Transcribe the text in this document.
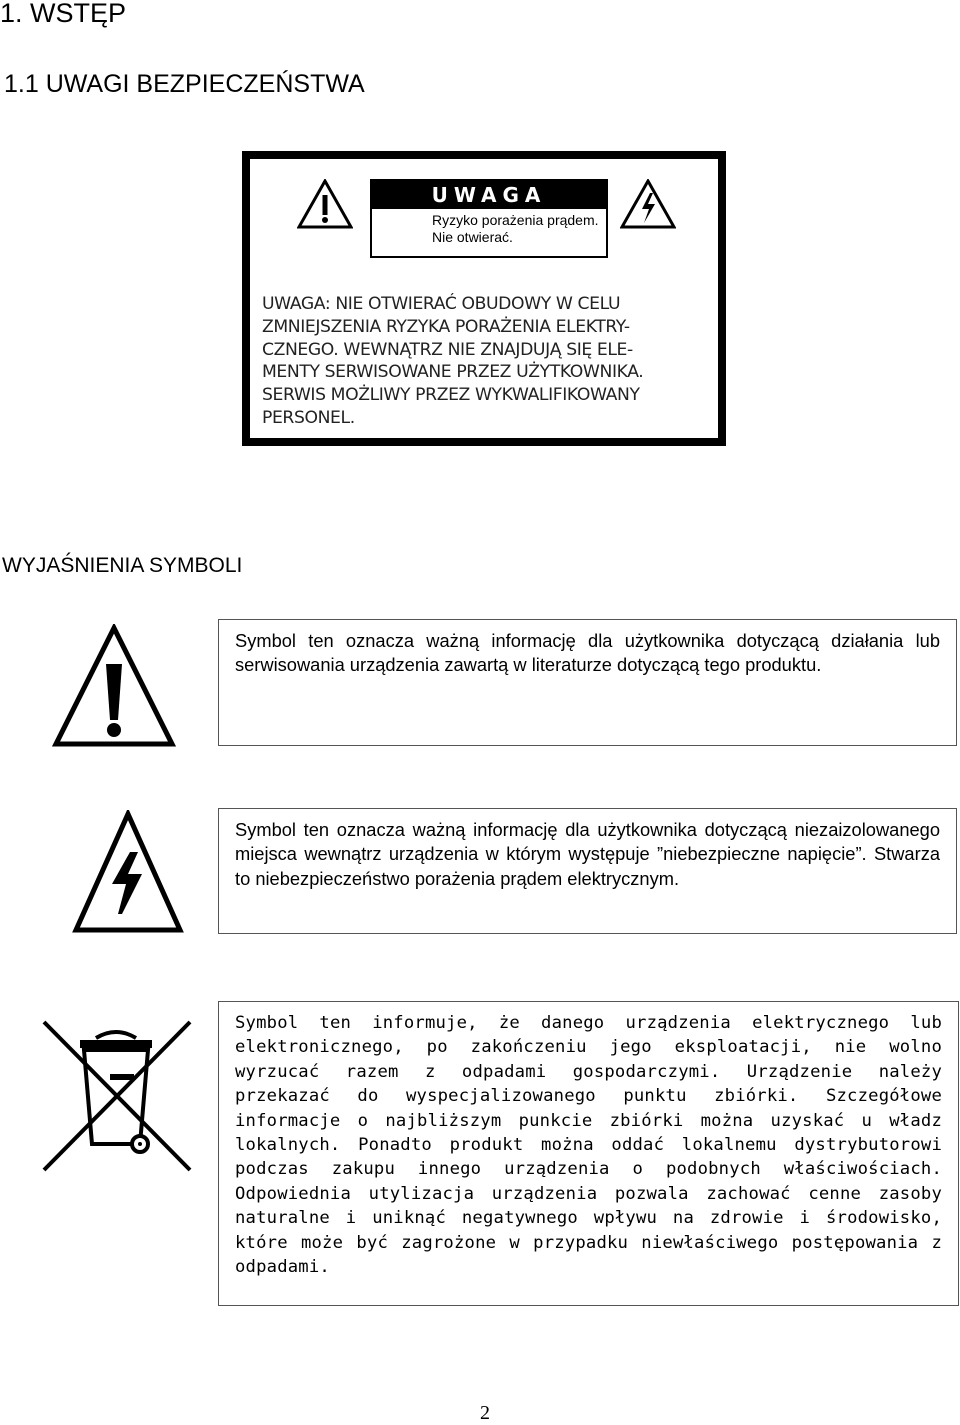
1. WSTĘP
1.1 UWAGI BEZPIECZEŃSTWA
UWAGA
Ryzyko porażenia prądem.
Nie otwierać.
UWAGA: NIE OTWIERAĆ OBUDOWY W CELU
ZMNIEJSZENIA RYZYKA PORAŻENIA ELEKTRY-
CZNEGO. WEWNĄTRZ NIE ZNAJDUJĄ SIĘ ELE-
MENTY SERWISOWANE PRZEZ UŻYTKOWNIKA.
SERWIS MOŻLIWY PRZEZ WYKWALIFIKOWANY
PERSONEL.
WYJAŚNIENIA SYMBOLI

Symbol ten oznacza ważną informację dla użytkownika dotyczącą działania lub serwisowania urządzenia zawartą w literaturze dotyczącą tego produktu.

Symbol ten oznacza ważną informację dla użytkownika dotyczącą niezaizolowanego miejsca wewnątrz urządzenia w którym występuje ”niebezpieczne napięcie”. Stwarza to niebezpieczeństwo porażenia prądem elektrycznym.

Symbol ten informuje, że danego urządzenia elektrycznego lub elektronicznego, po zakończeniu jego eksploatacji, nie wolno wyrzucać razem z odpadami gospodarczymi. Urządzenie należy przekazać do wyspecjalizowanego punktu zbiórki. Szczegółowe informacje o najbliższym punkcie zbiórki można uzyskać u władz lokalnych. Ponadto produkt można oddać lokalnemu dystrybutorowi podczas zakupu innego urządzenia o podobnych właściwościach. Odpowiednia utylizacja urządzenia pozwala zachować cenne zasoby naturalne i uniknąć negatywnego wpływu na zdrowie i środowisko, które może być zagrożone w przypadku niewłaściwego postępowania z odpadami.

2
